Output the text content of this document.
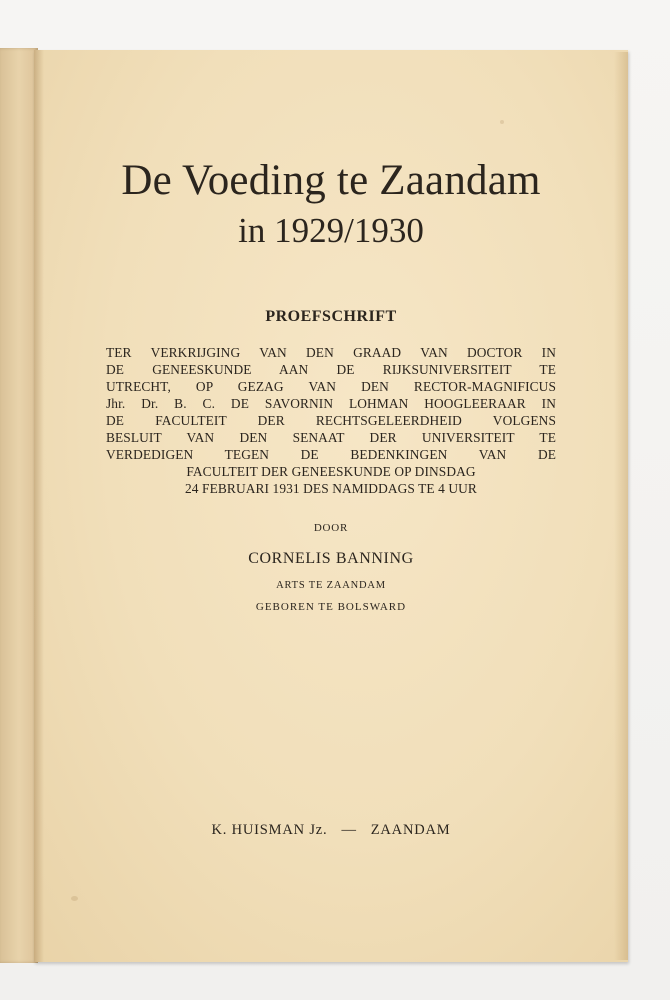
De Voeding te Zaandam
in 1929/1930
PROEFSCHRIFT
TER VERKRIJGING VAN DEN GRAAD VAN DOCTOR IN
DE GENEESKUNDE AAN DE RIJKSUNIVERSITEIT TE
UTRECHT, OP GEZAG VAN DEN RECTOR-MAGNIFICUS
Jhr. Dr. B. C. DE SAVORNIN LOHMAN HOOGLEERAAR IN
DE FACULTEIT DER RECHTSGELEERDHEID VOLGENS
BESLUIT VAN DEN SENAAT DER UNIVERSITEIT TE
VERDEDIGEN TEGEN DE BEDENKINGEN VAN DE
FACULTEIT DER GENEESKUNDE OP DINSDAG
24 FEBRUARI 1931 DES NAMIDDAGS TE 4 UUR
DOOR
CORNELIS BANNING
ARTS TE ZAANDAM
GEBOREN TE BOLSWARD
K. HUISMAN Jz. — ZAANDAM
